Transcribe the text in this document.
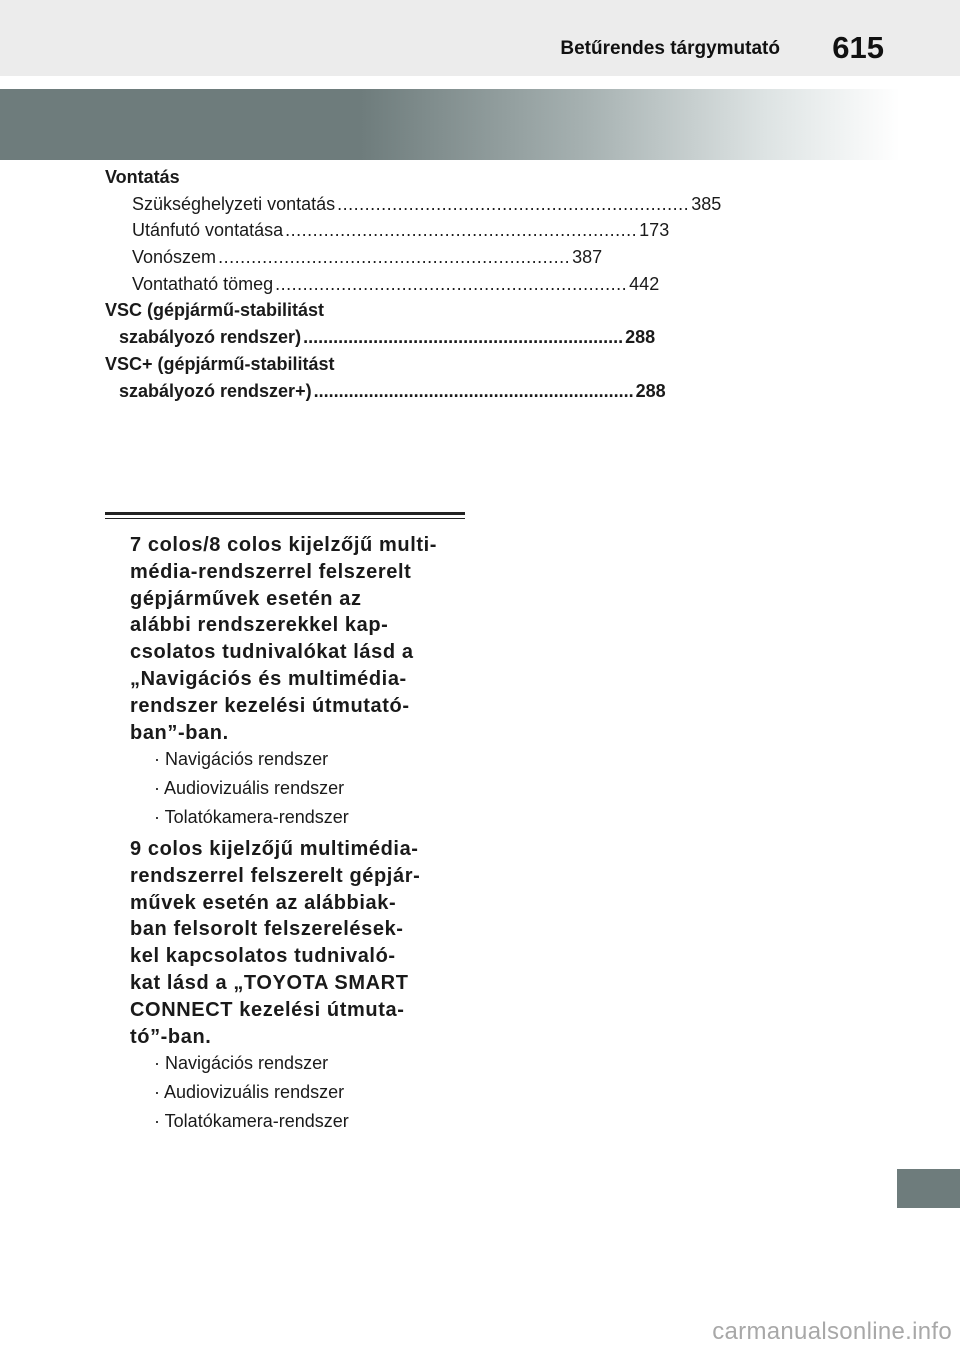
Betűrendes tárgymutató 615
Vontatás
Szükséghelyzeti vontatás ................................................................ 385
Utánfutó vontatása ................................................................ 173
Vonószem ................................................................ 387
Vontatható tömeg ................................................................ 442
VSC (gépjármű-stabilitást
szabályozó rendszer) ................................................................ 288
VSC+ (gépjármű-stabilitást
szabályozó rendszer+) ................................................................ 288
7 colos/8 colos kijelzőjű multi-
média-rendszerrel felszerelt
gépjárművek esetén az
alábbi rendszerekkel kap-
csolatos tudnivalókat lásd a
„Navigációs és multimédia-
rendszer kezelési útmutató-
ban”-ban.
· Navigációs rendszer
· Audiovizuális rendszer
· Tolatókamera-rendszer
9 colos kijelzőjű multimédia-
rendszerrel felszerelt gépjár-
művek esetén az alábbiak-
ban felsorolt felszerelések-
kel kapcsolatos tudnivaló-
kat lásd a „TOYOTA SMART
CONNECT kezelési útmuta-
tó”-ban.
· Navigációs rendszer
· Audiovizuális rendszer
· Tolatókamera-rendszer
carmanualsonline.info
